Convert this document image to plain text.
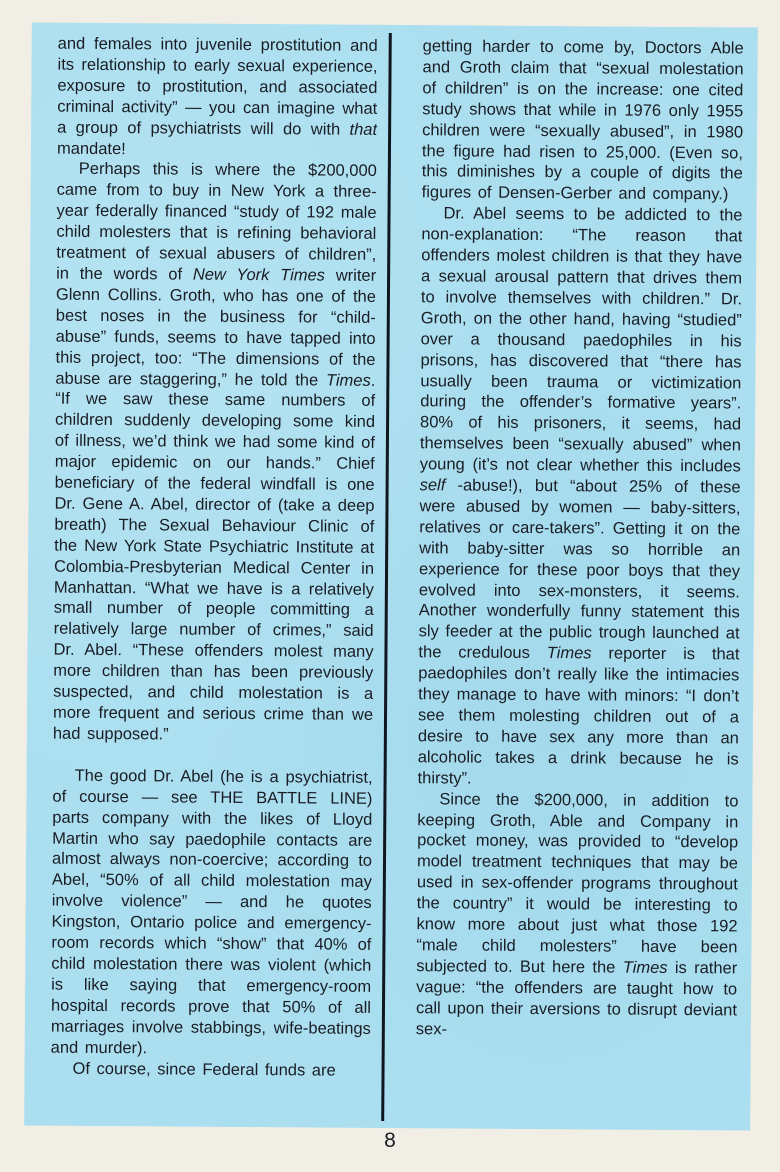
and females into juvenile prostitution and its relationship to early sexual experience, exposure to prostitution, and associated criminal activity” — you can imagine what a group of psychiatrists will do with that mandate!

Perhaps this is where the $200,000 came from to buy in New York a three-year federally financed “study of 192 male child molesters that is refining behavioral treatment of sexual abusers of children”, in the words of New York Times writer Glenn Collins. Groth, who has one of the best noses in the business for “child-abuse” funds, seems to have tapped into this project, too: “The dimensions of the abuse are staggering,” he told the Times. “If we saw these same numbers of children suddenly developing some kind of illness, we’d think we had some kind of major epidemic on our hands.” Chief beneficiary of the federal windfall is one Dr. Gene A. Abel, director of (take a deep breath) The Sexual Behaviour Clinic of the New York State Psychiatric Institute at Colombia-Presbyterian Medical Center in Manhattan. “What we have is a relatively small number of people committing a relatively large number of crimes,” said Dr. Abel. “These offenders molest many more children than has been previously suspected, and child molestation is a more frequent and serious crime than we had supposed.”

The good Dr. Abel (he is a psychiatrist, of course — see THE BATTLE LINE) parts company with the likes of Lloyd Martin who say paedophile contacts are almost always non-coercive; according to Abel, “50% of all child molestation may involve violence” — and he quotes Kingston, Ontario police and emergency-room records which “show” that 40% of child molestation there was violent (which is like saying that emergency-room hospital records prove that 50% of all marriages involve stabbings, wife-beatings and murder).

Of course, since Federal funds are

getting harder to come by, Doctors Able and Groth claim that “sexual molestation of children” is on the increase: one cited study shows that while in 1976 only 1955 children were “sexually abused”, in 1980 the figure had risen to 25,000. (Even so, this diminishes by a couple of digits the figures of Densen-Gerber and company.)

Dr. Abel seems to be addicted to the non-explanation: “The reason that offenders molest children is that they have a sexual arousal pattern that drives them to involve themselves with children.” Dr. Groth, on the other hand, having “studied” over a thousand paedophiles in his prisons, has discovered that “there has usually been trauma or victimization during the offender’s formative years”. 80% of his prisoners, it seems, had themselves been “sexually abused” when young (it’s not clear whether this includes self -abuse!), but “about 25% of these were abused by women — baby-sitters, relatives or care-takers”. Getting it on the with baby-sitter was so horrible an experience for these poor boys that they evolved into sex-monsters, it seems. Another wonderfully funny statement this sly feeder at the public trough launched at the credulous Times reporter is that paedophiles don’t really like the intimacies they manage to have with minors: “I don’t see them molesting children out of a desire to have sex any more than an alcoholic takes a drink because he is thirsty”.

Since the $200,000, in addition to keeping Groth, Able and Company in pocket money, was provided to “develop model treatment techniques that may be used in sex-offender programs throughout the country” it would be interesting to know more about just what those 192 “male child molesters” have been subjected to. But here the Times is rather vague: “the offenders are taught how to call upon their aversions to disrupt deviant sex-

8
